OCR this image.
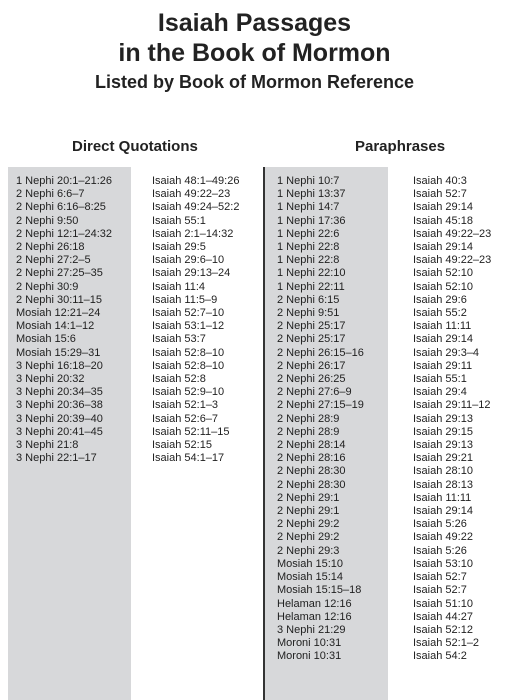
Isaiah Passages
in the Book of Mormon
Listed by Book of Mormon Reference
Direct Quotations	Paraphrases
1 Nephi 20:1–21:26
2 Nephi 6:6–7
2 Nephi 6:16–8:25
2 Nephi 9:50
2 Nephi 12:1–24:32
2 Nephi 26:18
2 Nephi 27:2–5
2 Nephi 27:25–35
2 Nephi 30:9
2 Nephi 30:11–15
Mosiah 12:21–24
Mosiah 14:1–12
Mosiah 15:6
Mosiah 15:29–31
3 Nephi 16:18–20
3 Nephi 20:32
3 Nephi 20:34–35
3 Nephi 20:36–38
3 Nephi 20:39–40
3 Nephi 20:41–45
3 Nephi 21:8
3 Nephi 22:1–17
Isaiah 48:1–49:26
Isaiah 49:22–23
Isaiah 49:24–52:2
Isaiah 55:1
Isaiah 2:1–14:32
Isaiah 29:5
Isaiah 29:6–10
Isaiah 29:13–24
Isaiah 11:4
Isaiah 11:5–9
Isaiah 52:7–10
Isaiah 53:1–12
Isaiah 53:7
Isaiah 52:8–10
Isaiah 52:8–10
Isaiah 52:8
Isaiah 52:9–10
Isaiah 52:1–3
Isaiah 52:6–7
Isaiah 52:11–15
Isaiah 52:15
Isaiah 54:1–17
1 Nephi 10:7
1 Nephi 13:37
1 Nephi 14:7
1 Nephi 17:36
1 Nephi 22:6
1 Nephi 22:8
1 Nephi 22:8
1 Nephi 22:10
1 Nephi 22:11
2 Nephi 6:15
2 Nephi 9:51
2 Nephi 25:17
2 Nephi 25:17
2 Nephi 26:15–16
2 Nephi 26:17
2 Nephi 26:25
2 Nephi 27:6–9
2 Nephi 27:15–19
2 Nephi 28:9
2 Nephi 28:9
2 Nephi 28:14
2 Nephi 28:16
2 Nephi 28:30
2 Nephi 28:30
2 Nephi 29:1
2 Nephi 29:1
2 Nephi 29:2
2 Nephi 29:2
2 Nephi 29:3
Mosiah 15:10
Mosiah 15:14
Mosiah 15:15–18
Helaman 12:16
Helaman 12:16
3 Nephi 21:29
Moroni 10:31
Moroni 10:31
Isaiah 40:3
Isaiah 52:7
Isaiah 29:14
Isaiah 45:18
Isaiah 49:22–23
Isaiah 29:14
Isaiah 49:22–23
Isaiah 52:10
Isaiah 52:10
Isaiah 29:6
Isaiah 55:2
Isaiah 11:11
Isaiah 29:14
Isaiah 29:3–4
Isaiah 29:11
Isaiah 55:1
Isaiah 29:4
Isaiah 29:11–12
Isaiah 29:13
Isaiah 29:15
Isaiah 29:13
Isaiah 29:21
Isaiah 28:10
Isaiah 28:13
Isaiah 11:11
Isaiah 29:14
Isaiah 5:26
Isaiah 49:22
Isaiah 5:26
Isaiah 53:10
Isaiah 52:7
Isaiah 52:7
Isaiah 51:10
Isaiah 44:27
Isaiah 52:12
Isaiah 52:1–2
Isaiah 54:2
